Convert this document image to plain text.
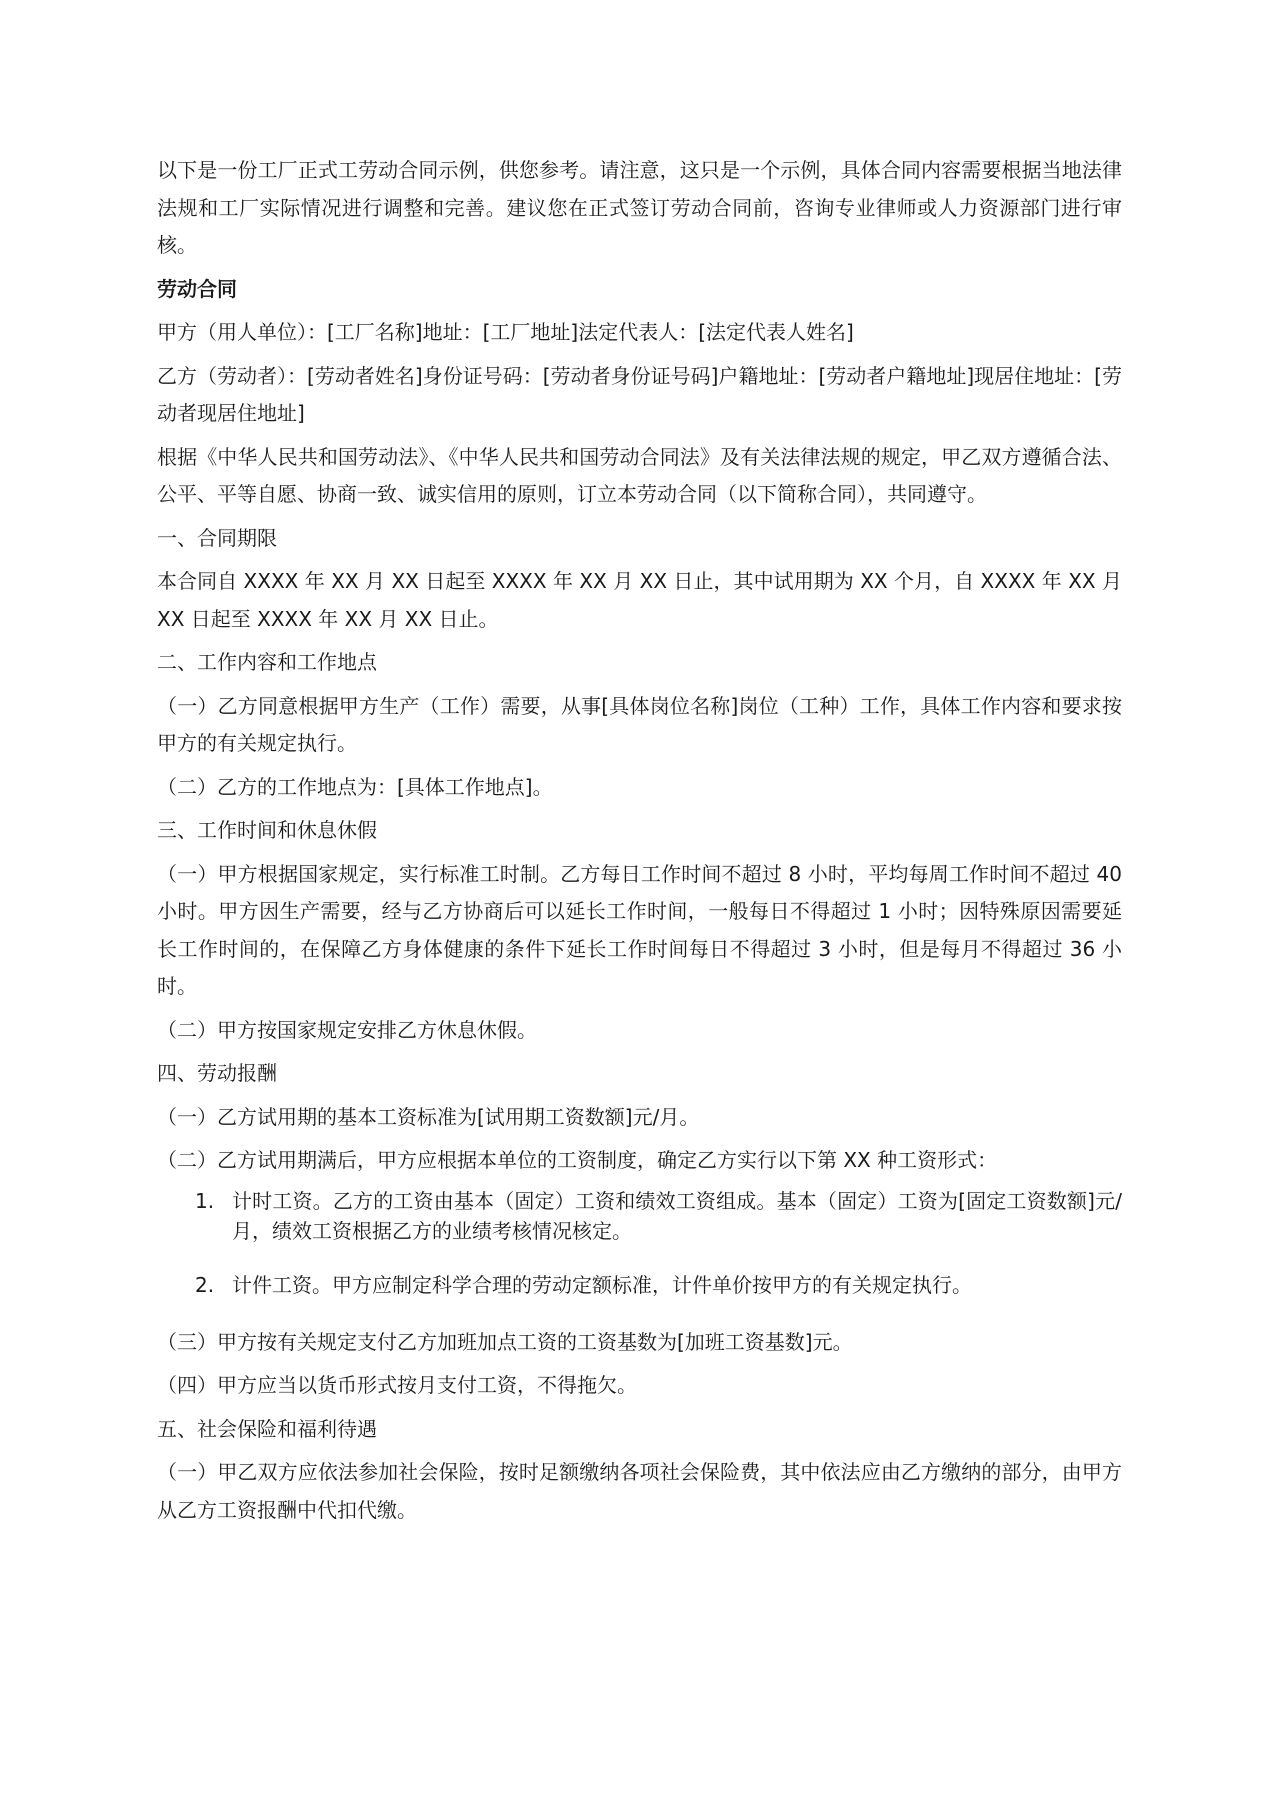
以下是一份工厂正式工劳动合同示例，供您参考。请注意，这只是一个示例，具体合同内容需要根据当地法律法规和工厂实际情况进行调整和完善。建议您在正式签订劳动合同前，咨询专业律师或人力资源部门进行审核。

劳动合同

甲方（用人单位）：[工厂名称]地址：[工厂地址]法定代表人：[法定代表人姓名]

乙方（劳动者）：[劳动者姓名]身份证号码：[劳动者身份证号码]户籍地址：[劳动者户籍地址]现居住地址：[劳动者现居住地址]

根据《中华人民共和国劳动法》、《中华人民共和国劳动合同法》及有关法律法规的规定，甲乙双方遵循合法、公平、平等自愿、协商一致、诚实信用的原则，订立本劳动合同（以下简称合同），共同遵守。

一、合同期限

本合同自 XXXX 年 XX 月 XX 日起至 XXXX 年 XX 月 XX 日止，其中试用期为 XX 个月，自 XXXX 年 XX 月 XX 日起至 XXXX 年 XX 月 XX 日止。

二、工作内容和工作地点

（一）乙方同意根据甲方生产（工作）需要，从事[具体岗位名称]岗位（工种）工作，具体工作内容和要求按甲方的有关规定执行。

（二）乙方的工作地点为：[具体工作地点]。

三、工作时间和休息休假

（一）甲方根据国家规定，实行标准工时制。乙方每日工作时间不超过 8 小时，平均每周工作时间不超过 40 小时。甲方因生产需要，经与乙方协商后可以延长工作时间，一般每日不得超过 1 小时；因特殊原因需要延长工作时间的，在保障乙方身体健康的条件下延长工作时间每日不得超过 3 小时，但是每月不得超过 36 小时。

（二）甲方按国家规定安排乙方休息休假。

四、劳动报酬

（一）乙方试用期的基本工资标准为[试用期工资数额]元/月。

（二）乙方试用期满后，甲方应根据本单位的工资制度，确定乙方实行以下第 XX 种工资形式：

1. 计时工资。乙方的工资由基本（固定）工资和绩效工资组成。基本（固定）工资为[固定工资数额]元/月，绩效工资根据乙方的业绩考核情况核定。
2. 计件工资。甲方应制定科学合理的劳动定额标准，计件单价按甲方的有关规定执行。

（三）甲方按有关规定支付乙方加班加点工资的工资基数为[加班工资基数]元。

（四）甲方应当以货币形式按月支付工资，不得拖欠。

五、社会保险和福利待遇

（一）甲乙双方应依法参加社会保险，按时足额缴纳各项社会保险费，其中依法应由乙方缴纳的部分，由甲方从乙方工资报酬中代扣代缴。
